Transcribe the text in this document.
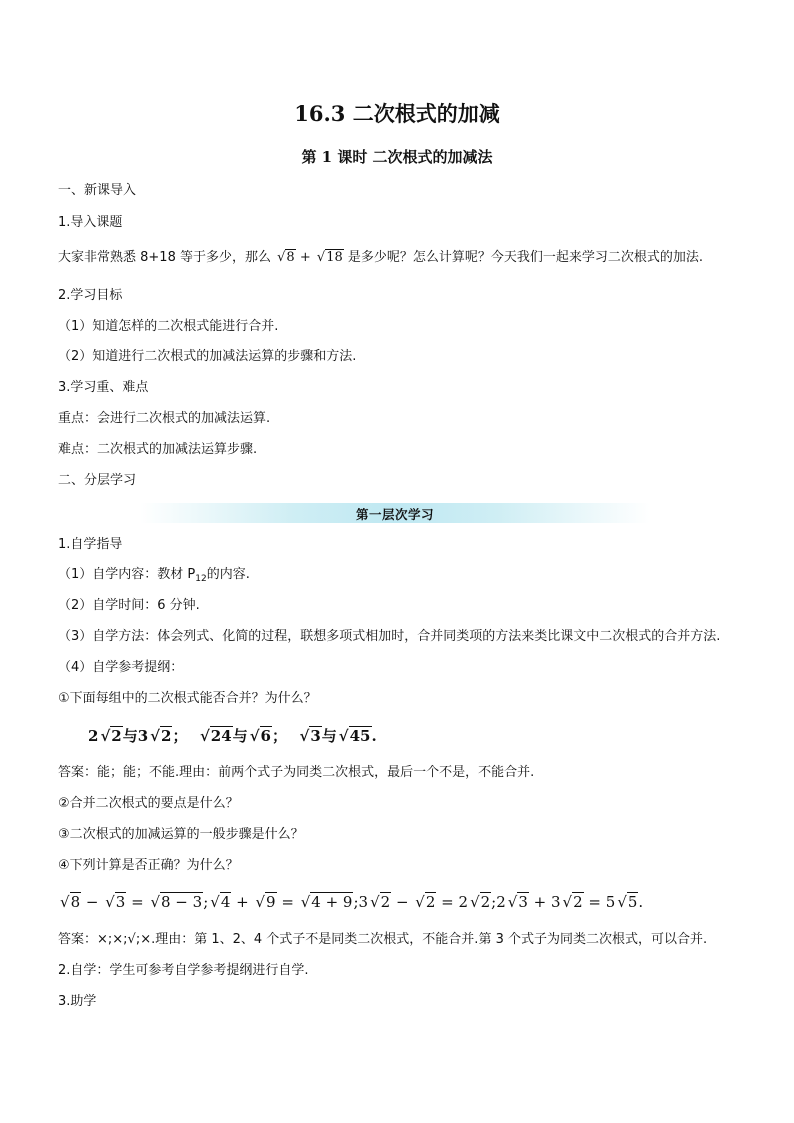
16.3 二次根式的加减
第 1 课时 二次根式的加减法
一、新课导入
1.导入课题
大家非常熟悉 8+18 等于多少，那么 √8 + √18 是多少呢？怎么计算呢？今天我们一起来学习二次根式的加法.
2.学习目标
（1）知道怎样的二次根式能进行合并.
（2）知道进行二次根式的加减法运算的步骤和方法.
3.学习重、难点
重点：会进行二次根式的加减法运算.
难点：二次根式的加减法运算步骤.
二、分层学习
第一层次学习
1.自学指导
（1）自学内容：教材 $P_{12}$的内容.
（2）自学时间：6 分钟.
（3）自学方法：体会列式、化简的过程，联想多项式相加时，合并同类项的方法来类比课文中二次根式的合并方法.
（4）自学参考提纲：
①下面每组中的二次根式能否合并？为什么？
2 √2与3 √2； √24与 √6； √3与 √45.
答案：能；能；不能.理由：前两个式子为同类二次根式，最后一个不是，不能合并.
②合并二次根式的要点是什么？
③二次根式的加减运算的一般步骤是什么？
④下列计算是否正确？为什么？
√8 − √3 = √8 − 3; √4 + √9 = √4 + 9;3 √2 − √2 = 2 √2;2 √3 + 3 √2 = 5 √5.
答案：×;×;√;×.理由：第 1、2、4 个式子不是同类二次根式，不能合并.第 3 个式子为同类二次根式，可以合并.
2.自学：学生可参考自学参考提纲进行自学.
3.助学
